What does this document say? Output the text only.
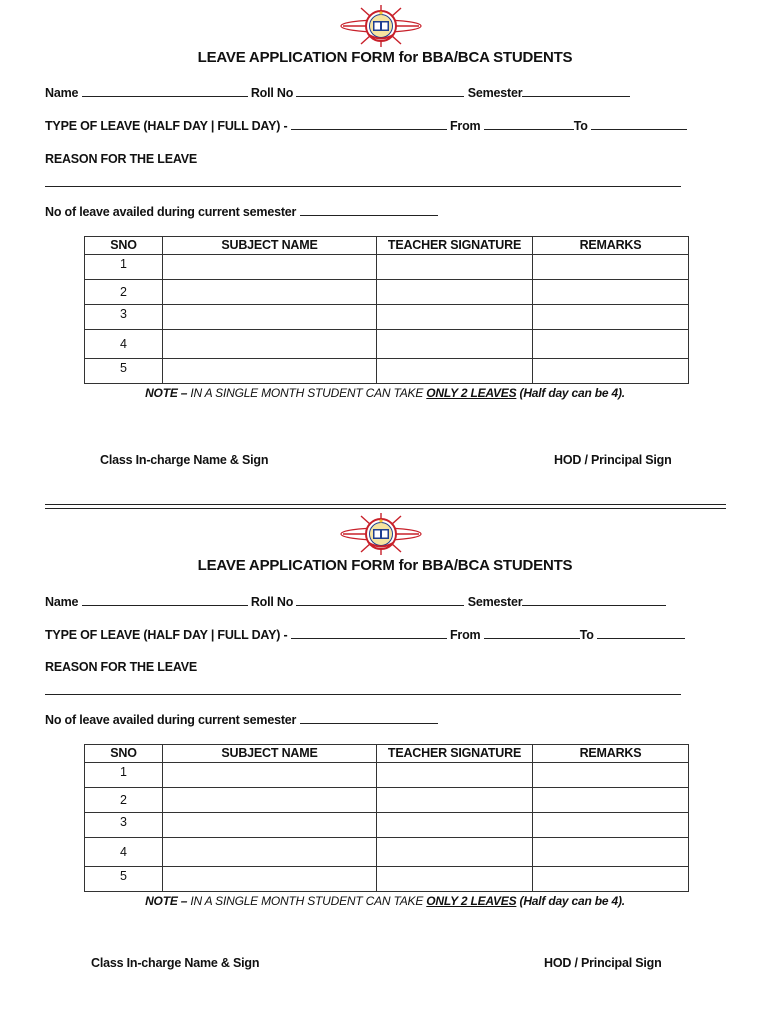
LEAVE APPLICATION FORM for BBA/BCA STUDENTS
Name	Roll No	Semester
TYPE OF LEAVE (HALF DAY | FULL DAY) -	From	To
REASON FOR THE LEAVE
No of leave availed during current semester
SNO	SUBJECT NAME	TEACHER SIGNATURE	REMARKS
1			
2			
3			
4			
5			
NOTE – IN A SINGLE MONTH STUDENT CAN TAKE ONLY 2 LEAVES (Half day can be 4).
Class In-charge Name & Sign	HOD / Principal Sign
LEAVE APPLICATION FORM for BBA/BCA STUDENTS
Name	Roll No	Semester
TYPE OF LEAVE (HALF DAY | FULL DAY) -	From	To
REASON FOR THE LEAVE
No of leave availed during current semester
SNO	SUBJECT NAME	TEACHER SIGNATURE	REMARKS
1			
2			
3			
4			
5			
NOTE – IN A SINGLE MONTH STUDENT CAN TAKE ONLY 2 LEAVES (Half day can be 4).
Class In-charge Name & Sign	HOD / Principal Sign
